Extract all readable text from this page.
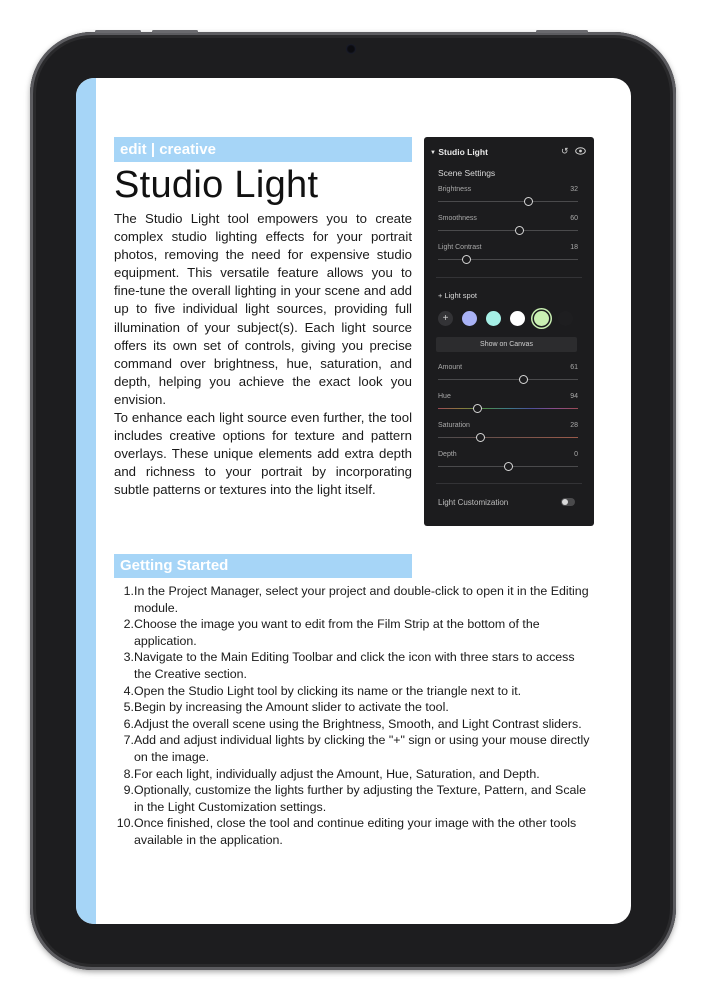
edit | creative
Studio Light

The Studio Light tool empowers you to create complex studio lighting effects for your portrait photos, removing the need for expensive studio equipment. This versatile feature allows you to fine-tune the overall lighting in your scene and add up to five individual light sources, providing full illumination of your subject(s). Each light source offers its own set of controls, giving you precise command over brightness, hue, saturation, and depth, helping you achieve the exact look you envision.

To enhance each light source even further, the tool includes creative options for texture and pattern overlays. These unique elements add extra depth and richness to your portrait by incorporating subtle patterns or textures into the light itself.

Getting Started
1. In the Project Manager, select your project and double-click to open it in the Editing module.
2. Choose the image you want to edit from the Film Strip at the bottom of the application.
3. Navigate to the Main Editing Toolbar and click the icon with three stars to access the Creative section.
4. Open the Studio Light tool by clicking its name or the triangle next to it.
5. Begin by increasing the Amount slider to activate the tool.
6. Adjust the overall scene using the Brightness, Smooth, and Light Contrast sliders.
7. Add and adjust individual lights by clicking the "+" sign or using your mouse directly on the image.
8. For each light, individually adjust the Amount, Hue, Saturation, and Depth.
9. Optionally, customize the lights further by adjusting the Texture, Pattern, and Scale in the Light Customization settings.
10. Once finished, close the tool and continue editing your image with the other tools available in the application.
▼ Studio Light	↺
Scene Settings
Brightness	32
Smoothness	60
Light Contrast	18
+ Light spot
+
Show on Canvas
Amount	61
Hue	94
Saturation	28
Depth	0
Light Customization
